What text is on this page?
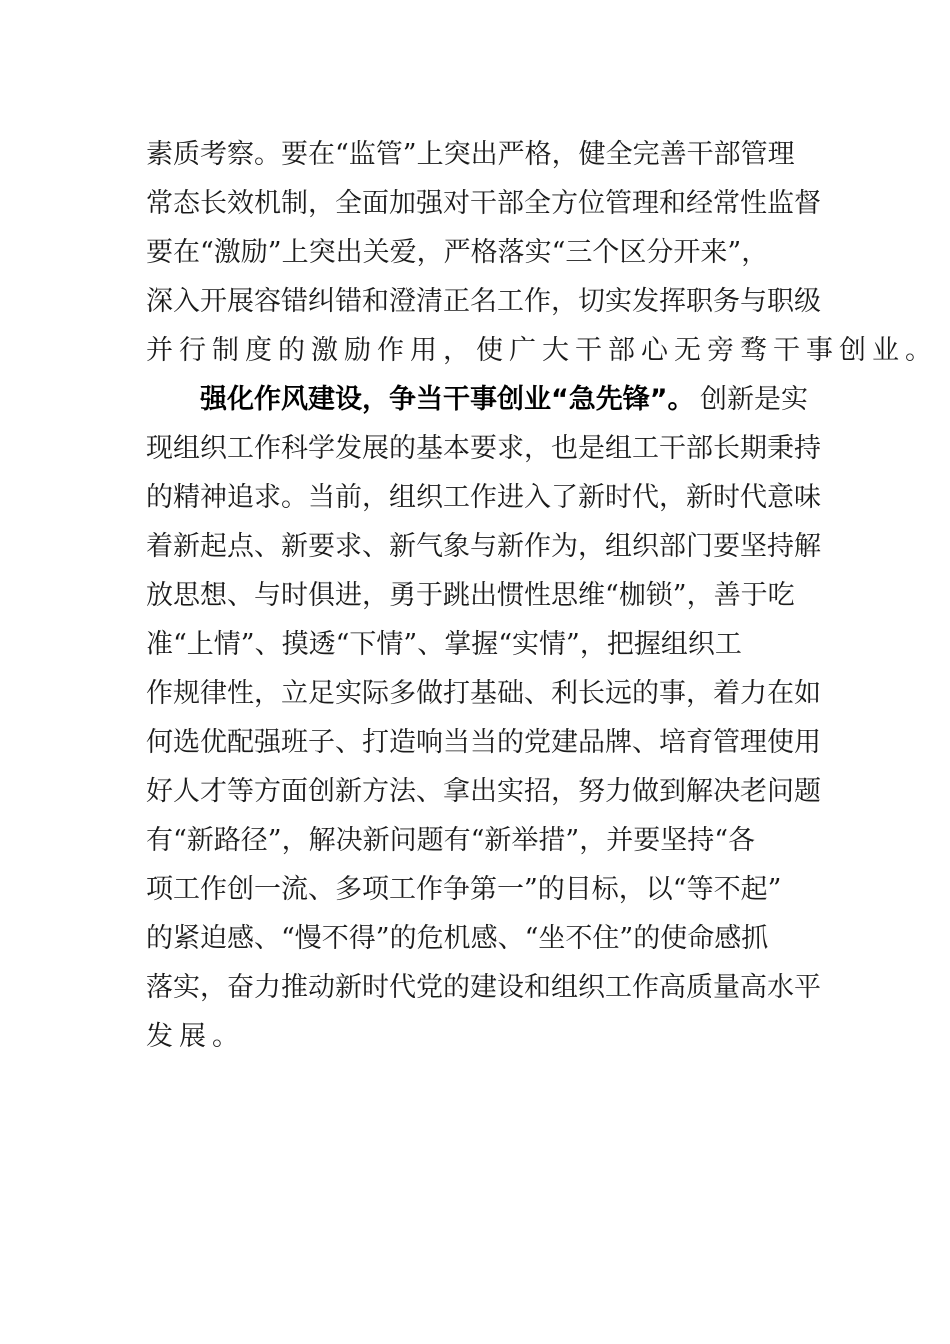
素质考察。要在“监管”上突出严格，健全完善干部管理
常态长效机制，全面加强对干部全方位管理和经常性监督
要在“激励”上突出关爱，严格落实“三个区分开来”，
深入开展容错纠错和澄清正名工作，切实发挥职务与职级
并行制度的激励作用，使广大干部心无旁骛干事创业。
强化作风建设，争当干事创业“急先锋”。 创新是实
现组织工作科学发展的基本要求，也是组工干部长期秉持
的精神追求。当前，组织工作进入了新时代，新时代意味
着新起点、新要求、新气象与新作为，组织部门要坚持解
放思想、与时俱进，勇于跳出惯性思维“枷锁”，善于吃
准“上情”、摸透“下情”、掌握“实情”，把握组织工
作规律性，立足实际多做打基础、利长远的事，着力在如
何选优配强班子、打造响当当的党建品牌、培育管理使用
好人才等方面创新方法、拿出实招，努力做到解决老问题
有“新路径”，解决新问题有“新举措”，并要坚持“各
项工作创一流、多项工作争第一”的目标，以“等不起”
的紧迫感、“慢不得”的危机感、“坐不住”的使命感抓
落实，奋力推动新时代党的建设和组织工作高质量高水平
发展。
